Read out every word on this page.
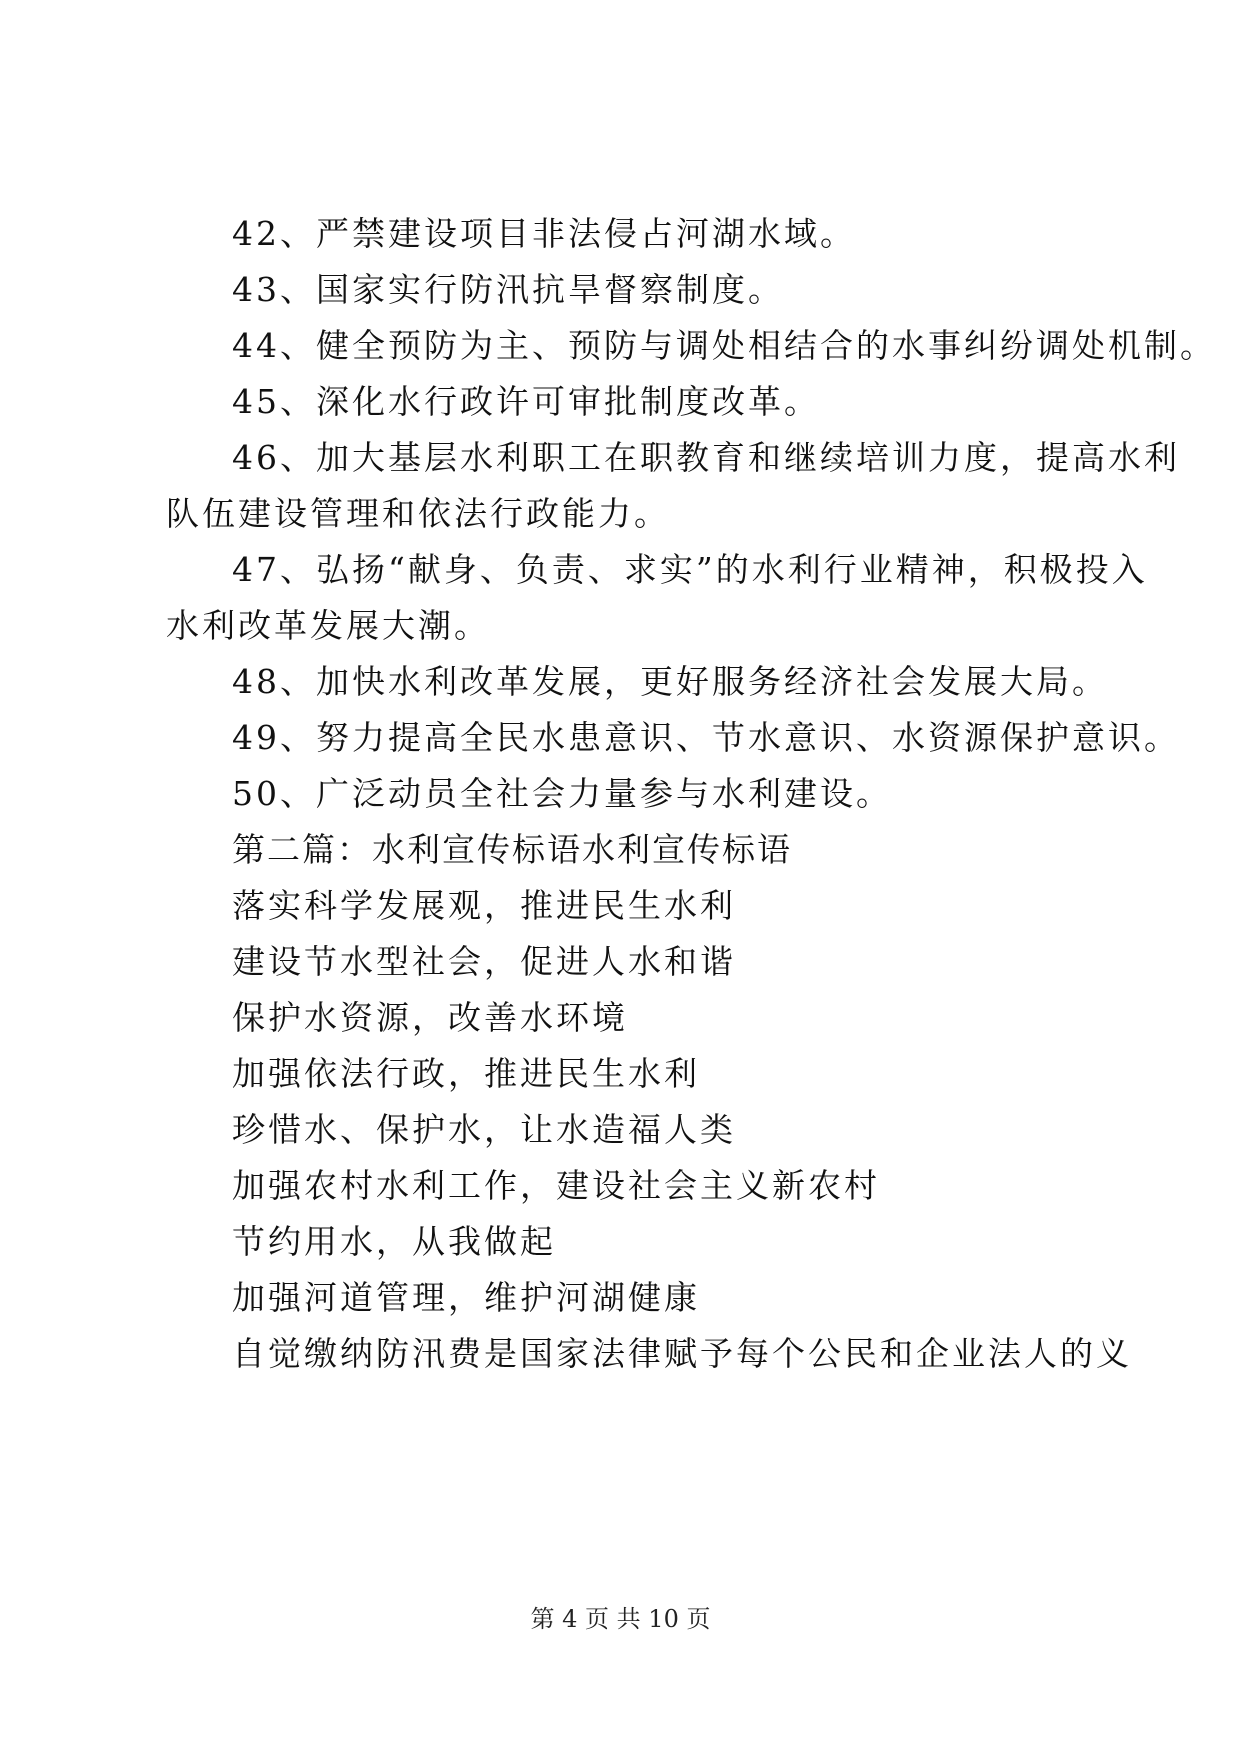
42、严禁建设项目非法侵占河湖水域。
43、国家实行防汛抗旱督察制度。
44、健全预防为主、预防与调处相结合的水事纠纷调处机制。
45、深化水行政许可审批制度改革。
46、加大基层水利职工在职教育和继续培训力度，提高水利
队伍建设管理和依法行政能力。
47、弘扬“献身、负责、求实”的水利行业精神，积极投入
水利改革发展大潮。
48、加快水利改革发展，更好服务经济社会发展大局。
49、努力提高全民水患意识、节水意识、水资源保护意识。
50、广泛动员全社会力量参与水利建设。
第二篇：水利宣传标语水利宣传标语
落实科学发展观，推进民生水利
建设节水型社会，促进人水和谐
保护水资源，改善水环境
加强依法行政，推进民生水利
珍惜水、保护水，让水造福人类
加强农村水利工作，建设社会主义新农村
节约用水，从我做起
加强河道管理，维护河湖健康
自觉缴纳防汛费是国家法律赋予每个公民和企业法人的义
第 4 页 共 10 页
